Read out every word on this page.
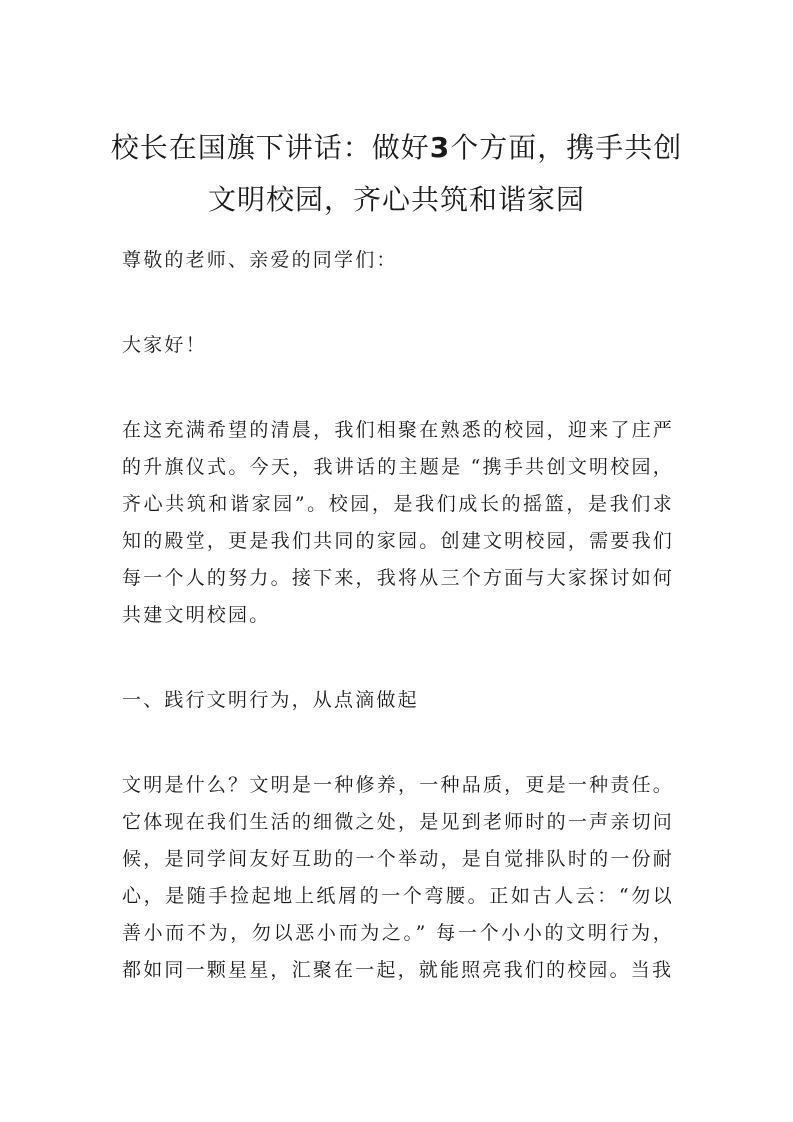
校长在国旗下讲话：做好3个方面，携手共创文明校园，齐心共筑和谐家园

尊敬的老师、亲爱的同学们：

大家好！

在这充满希望的清晨，我们相聚在熟悉的校园，迎来了庄严的升旗仪式。今天，我讲话的主题是 “携手共创文明校园，齐心共筑和谐家园”。校园，是我们成长的摇篮，是我们求知的殿堂，更是我们共同的家园。创建文明校园，需要我们每一个人的努力。接下来，我将从三个方面与大家探讨如何共建文明校园。

一、践行文明行为，从点滴做起

文明是什么？文明是一种修养，一种品质，更是一种责任。它体现在我们生活的细微之处，是见到老师时的一声亲切问候，是同学间友好互助的一个举动，是自觉排队时的一份耐心，是随手捡起地上纸屑的一个弯腰。正如古人云：“勿以善小而不为，勿以恶小而为之。” 每一个小小的文明行为，都如同一颗星星，汇聚在一起，就能照亮我们的校园。当我
